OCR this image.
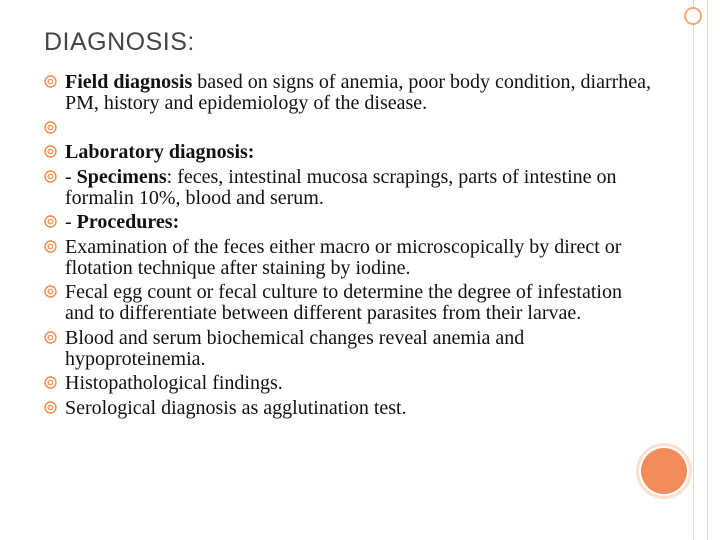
DIAGNOSIS:
Field diagnosis based on signs of anemia, poor body condition, diarrhea, PM, history and epidemiology of the disease.
Laboratory diagnosis:
- Specimens: feces, intestinal mucosa scrapings, parts of intestine on formalin 10%, blood and serum.
- Procedures:
Examination of the feces either macro or microscopically by direct or flotation technique after staining by iodine.
Fecal egg count or fecal culture to determine the degree of infestation and to differentiate between different parasites from their larvae.
Blood and serum biochemical changes reveal anemia and hypoproteinemia.
Histopathological findings.
Serological diagnosis as agglutination test.
